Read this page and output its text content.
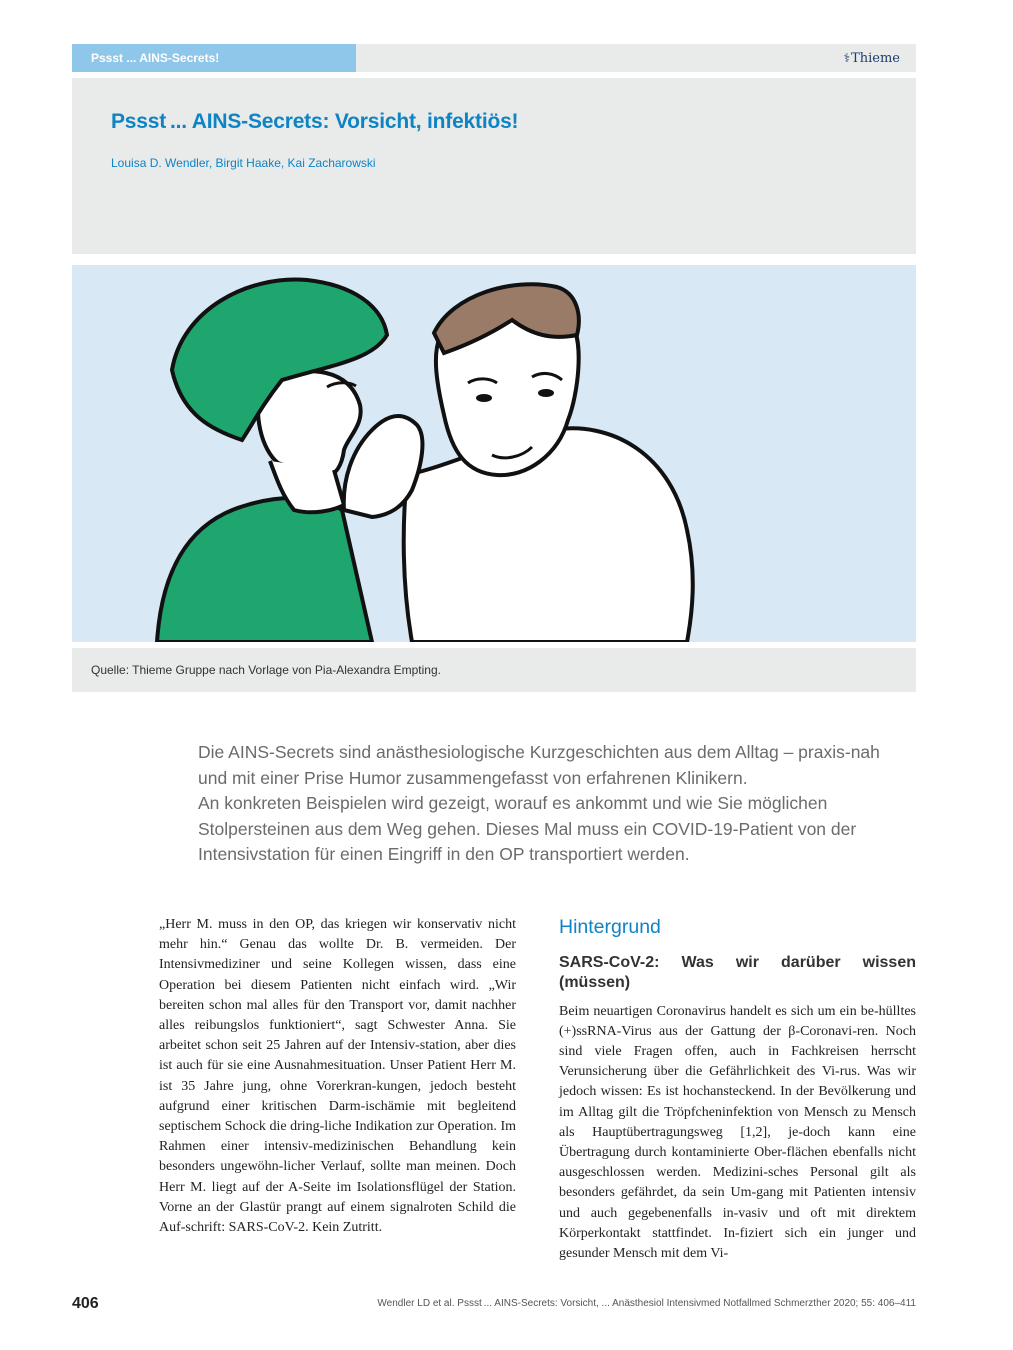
Pssst ... AINS-Secrets!	⚕Thieme
Pssst ... AINS-Secrets: Vorsicht, infektiös!
Louisa D. Wendler, Birgit Haake, Kai Zacharowski
Quelle: Thieme Gruppe nach Vorlage von Pia-Alexandra Empting.

Die AINS-Secrets sind anästhesiologische Kurzgeschichten aus dem Alltag – praxis-nah und mit einer Prise Humor zusammengefasst von erfahrenen Klinikern.

An konkreten Beispielen wird gezeigt, worauf es ankommt und wie Sie möglichen Stolpersteinen aus dem Weg gehen. Dieses Mal muss ein COVID-19-Patient von der Intensivstation für einen Eingriff in den OP transportiert werden.

„Herr M. muss in den OP, das kriegen wir konservativ nicht mehr hin.“ Genau das wollte Dr. B. vermeiden. Der Intensivmediziner und seine Kollegen wissen, dass eine Operation bei diesem Patienten nicht einfach wird. „Wir bereiten schon mal alles für den Transport vor, damit nachher alles reibungslos funktioniert“, sagt Schwester Anna. Sie arbeitet schon seit 25 Jahren auf der Intensiv-station, aber dies ist auch für sie eine Ausnahmesituation. Unser Patient Herr M. ist 35 Jahre jung, ohne Vorerkran-kungen, jedoch besteht aufgrund einer kritischen Darm-ischämie mit begleitend septischem Schock die dring-liche Indikation zur Operation. Im Rahmen einer intensiv-medizinischen Behandlung kein besonders ungewöhn-licher Verlauf, sollte man meinen. Doch Herr M. liegt auf der A-Seite im Isolationsflügel der Station. Vorne an der Glastür prangt auf einem signalroten Schild die Auf-schrift: SARS-CoV-2. Kein Zutritt.

Hintergrund
SARS-CoV-2: Was wir darüber wissen (müssen)

Beim neuartigen Coronavirus handelt es sich um ein be-hülltes (+)ssRNA-Virus aus der Gattung der β-Coronavi-ren. Noch sind viele Fragen offen, auch in Fachkreisen herrscht Verunsicherung über die Gefährlichkeit des Vi-rus. Was wir jedoch wissen: Es ist hochansteckend. In der Bevölkerung und im Alltag gilt die Tröpfcheninfektion von Mensch zu Mensch als Hauptübertragungsweg [1,2], je-doch kann eine Übertragung durch kontaminierte Ober-flächen ebenfalls nicht ausgeschlossen werden. Medizini-sches Personal gilt als besonders gefährdet, da sein Um-gang mit Patienten intensiv und auch gegebenenfalls in-vasiv und oft mit direktem Körperkontakt stattfindet. In-fiziert sich ein junger und gesunder Mensch mit dem Vi-

406	Wendler LD et al. Pssst ... AINS-Secrets: Vorsicht, ... Anästhesiol Intensivmed Notfallmed Schmerzther 2020; 55: 406–411
